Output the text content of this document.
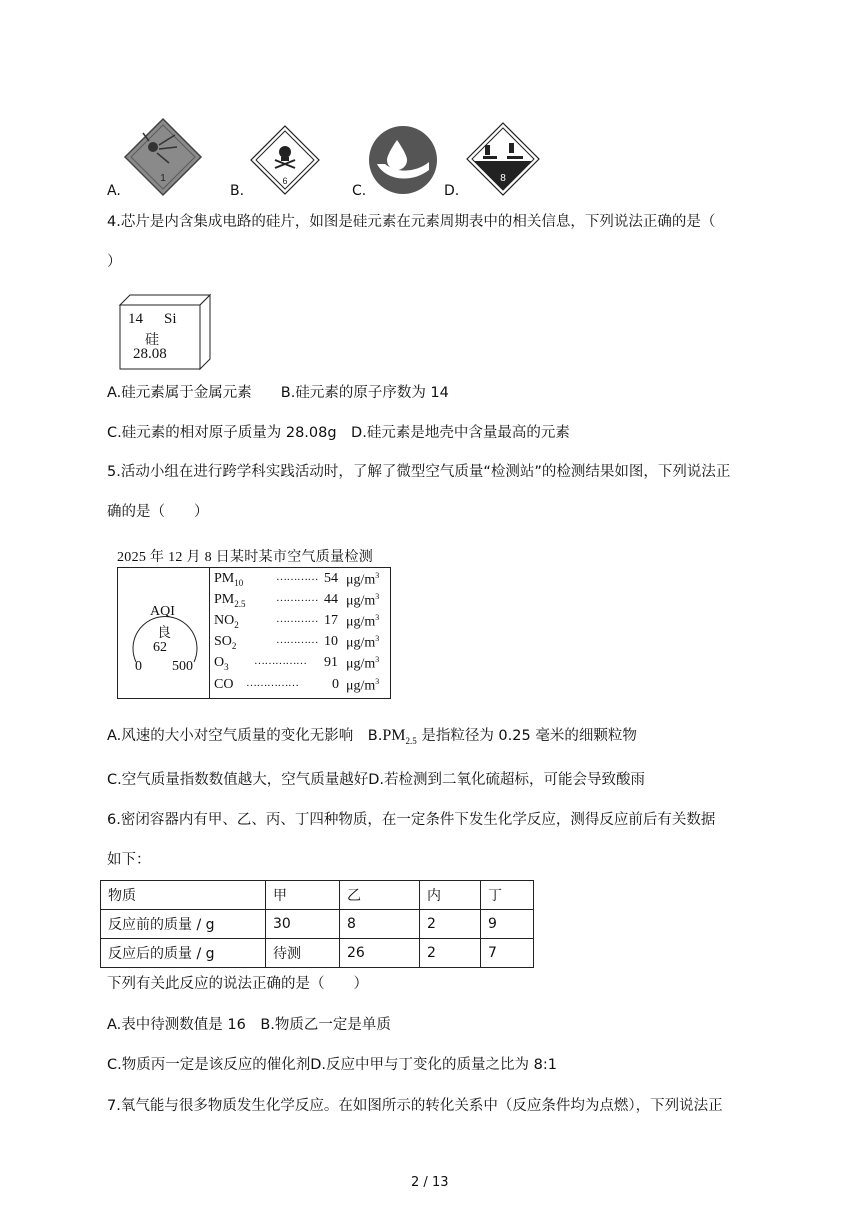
A.
1
B.
6
C.	D.
8
4.芯片是内含集成电路的硅片，如图是硅元素在元素周期表中的相关信息，下列说法正确的是（
）
14 Si
硅
28.08
A.硅元素属于金属元素　　B.硅元素的原子序数为 14
C.硅元素的相对原子质量为 28.08g　D.硅元素是地壳中含量最高的元素
5.活动小组在进行跨学科实践活动时，了解了微型空气质量“检测站”的检测结果如图，下列说法正
确的是（　　）
2025 年 12 月 8 日某时某市空气质量检测
AQI
良
62
0 500
$PM_{10}$	………… 54 $\mu g/m^3$
$PM_{2.5}$	………… 44 $\mu g/m^3$
$NO_2$	………… 17 $\mu g/m^3$
$SO_2$	………… 10 $\mu g/m^3$
$O_3$ …………… 91 $\mu g/m^3$
CO …………… 0 $\mu g/m^3$
A.风速的大小对空气质量的变化无影响　$B.PM_{2.5}$ 是指粒径为 0.25 毫米的细颗粒物
C.空气质量指数数值越大，空气质量越好D.若检测到二氧化硫超标，可能会导致酸雨
6.密闭容器内有甲、乙、丙、丁四种物质，在一定条件下发生化学反应，测得反应前后有关数据
如下：
物质	甲	乙	内	丁
反应前的质量 / g	30	8	2	9
反应后的质量 / g	待测	26	2	7
下列有关此反应的说法正确的是（　　）
A.表中待测数值是 16　B.物质乙一定是单质
C.物质丙一定是该反应的催化剂D.反应中甲与丁变化的质量之比为 8:1
7.氧气能与很多物质发生化学反应。在如图所示的转化关系中（反应条件均为点燃），下列说法正
2 / 13
